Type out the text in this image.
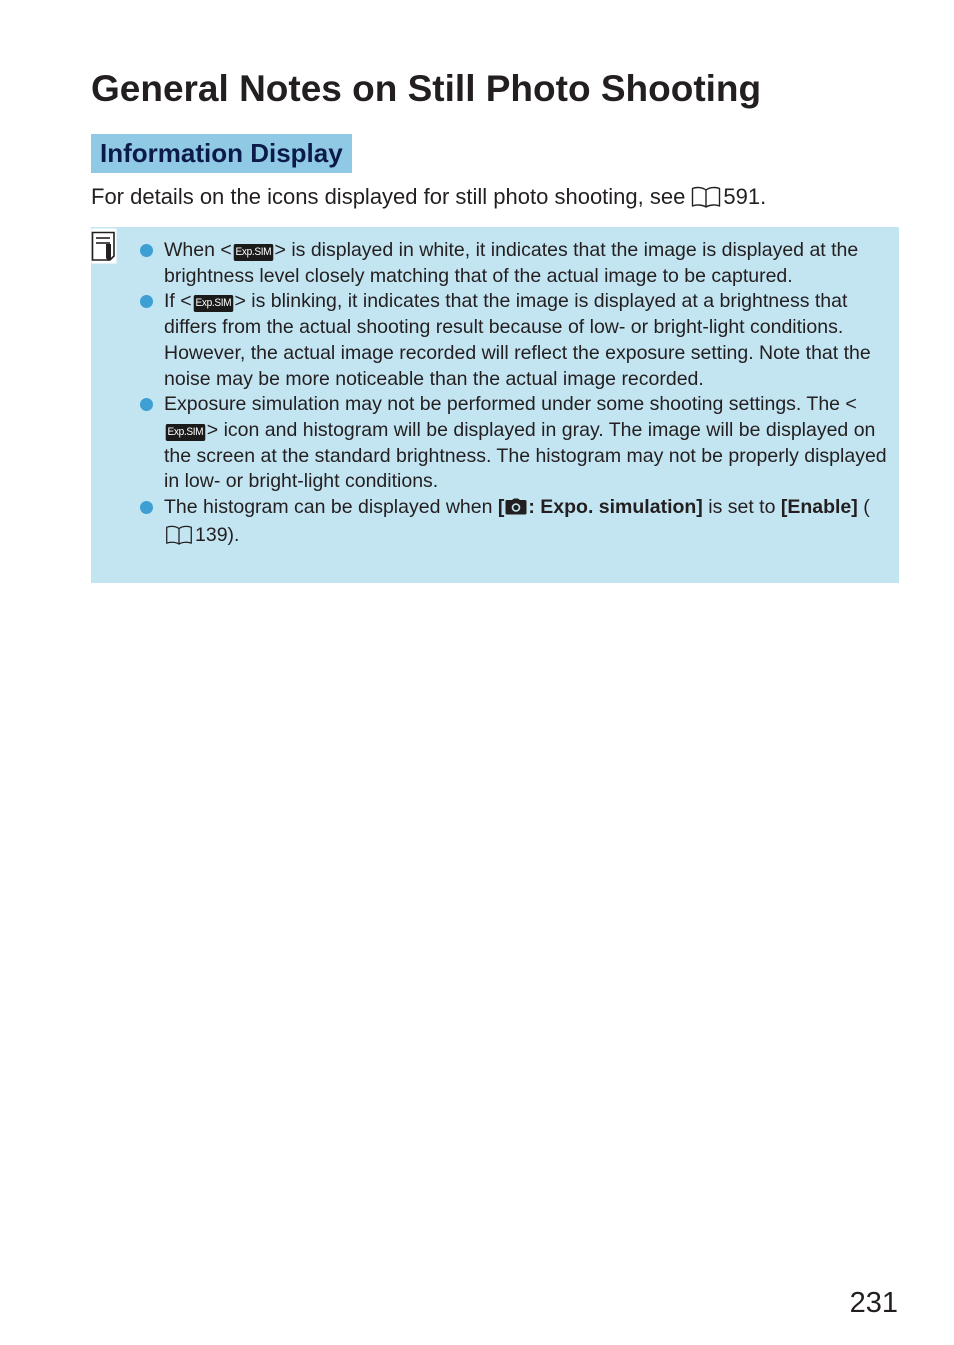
General Notes on Still Photo Shooting
Information Display

For details on the icons displayed for still photo shooting, see 591.

When < Exp.SIM > is displayed in white, it indicates that the image is displayed at the brightness level closely matching that of the actual image to be captured.
If < Exp.SIM > is blinking, it indicates that the image is displayed at a brightness that differs from the actual shooting result because of low- or bright-light conditions. However, the actual image recorded will reflect the exposure setting. Note that the noise may be more noticeable than the actual image recorded.
Exposure simulation may not be performed under some shooting settings. The <Exp.SIM > icon and histogram will be displayed in gray. The image will be displayed on the screen at the standard brightness. The histogram may not be properly displayed in low- or bright-light conditions.
The histogram can be displayed when [ : Expo. simulation] is set to [Enable] (139).
231
